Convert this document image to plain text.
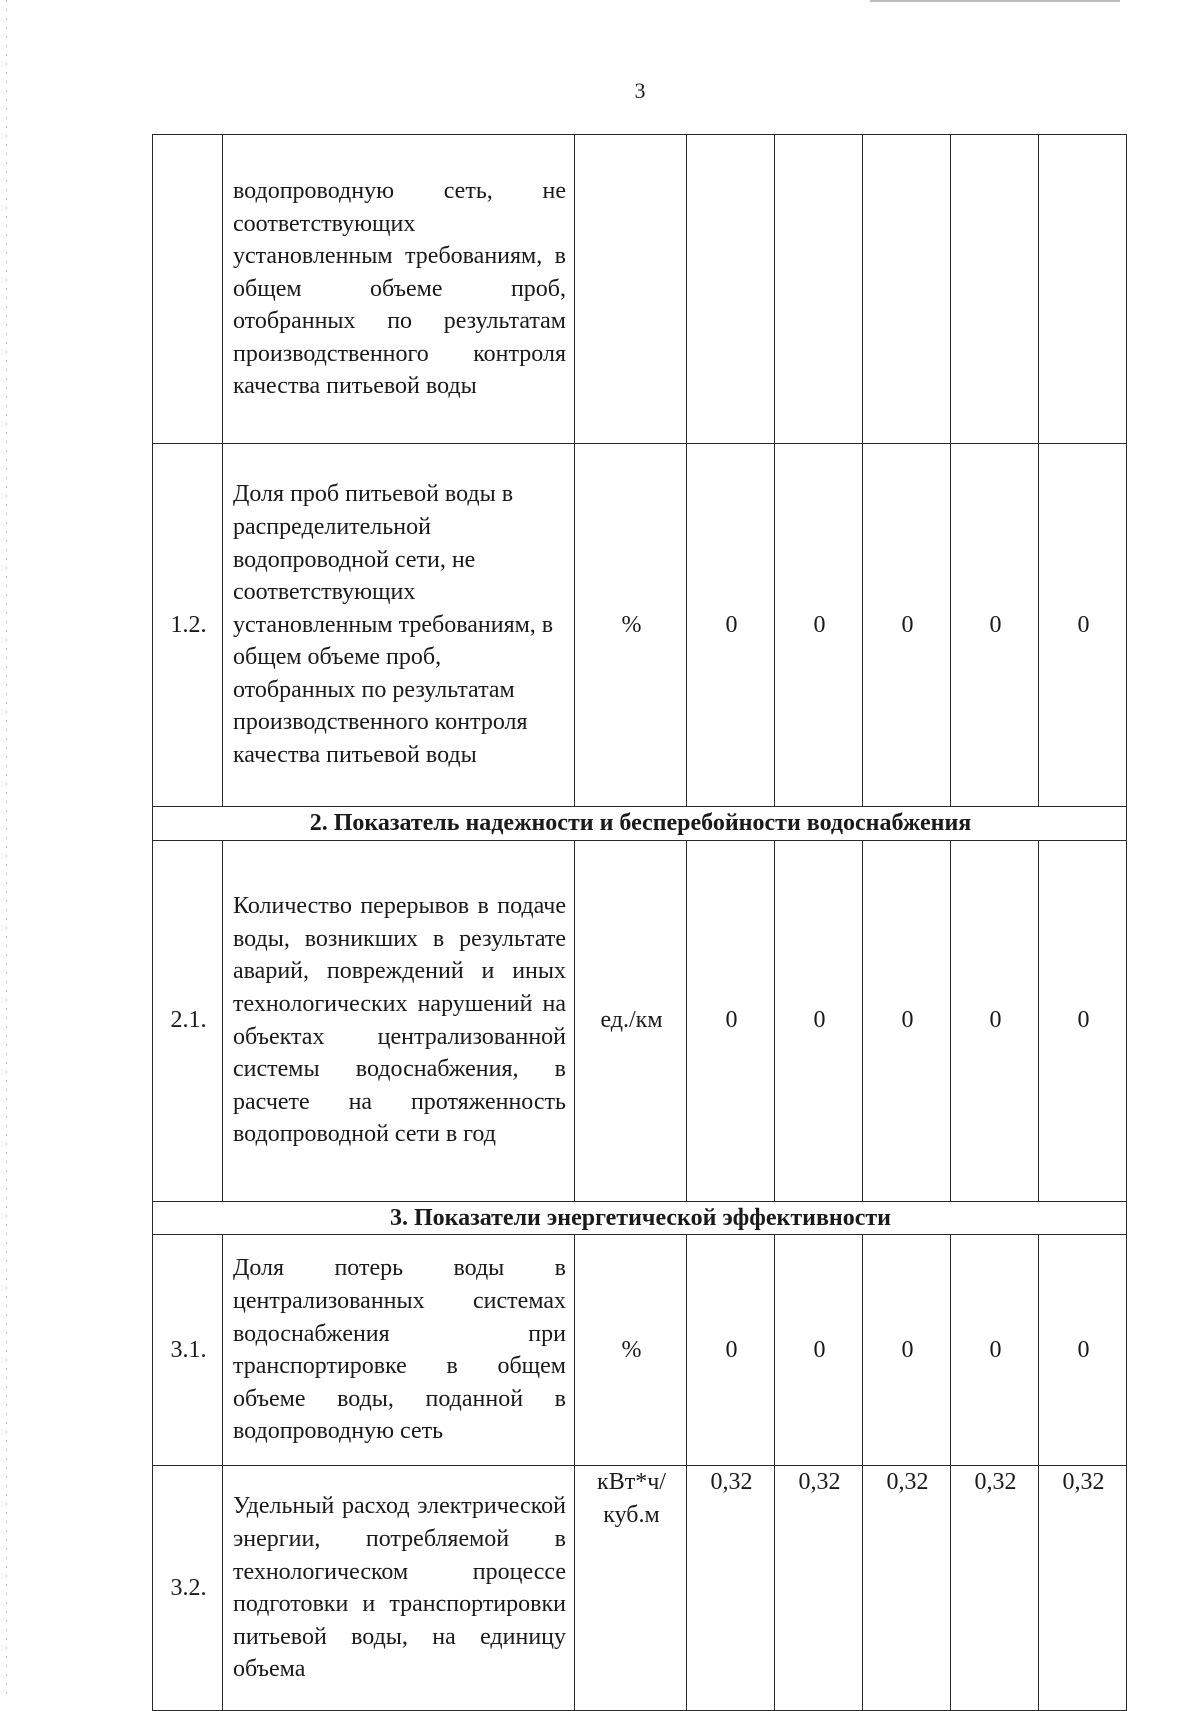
3
	водопроводную сеть, не соответствующих установленным требованиям, в общем объеме проб, отобранных по результатам производственного контроля качества питьевой воды						
1.2.	Доля проб питьевой воды в распределительной водопроводной сети, не соответствующих установленным требованиям, в общем объеме проб, отобранных по результатам производственного контроля качества питьевой воды	%	0	0	0	0	0
2. Показатель надежности и бесперебойности водоснабжения							
2.1.	Количество перерывов в подаче воды, возникших в результате аварий, повреждений и иных технологических нарушений на объектах централизованной системы водоснабжения, в расчете на протяженность водопроводной сети в год	ед./км	0	0	0	0	0
3. Показатели энергетической эффективности							
3.1.	Доля потерь воды в централизованных системах водоснабжения при транспортировке в общем объеме воды, поданной в водопроводную сеть	%	0	0	0	0	0
3.2.	Удельный расход электрической энергии, потребляемой в технологическом процессе подготовки и транспортировки питьевой воды, на единицу объема	кВт*ч/ куб.м	0,32	0,32	0,32	0,32	0,32
